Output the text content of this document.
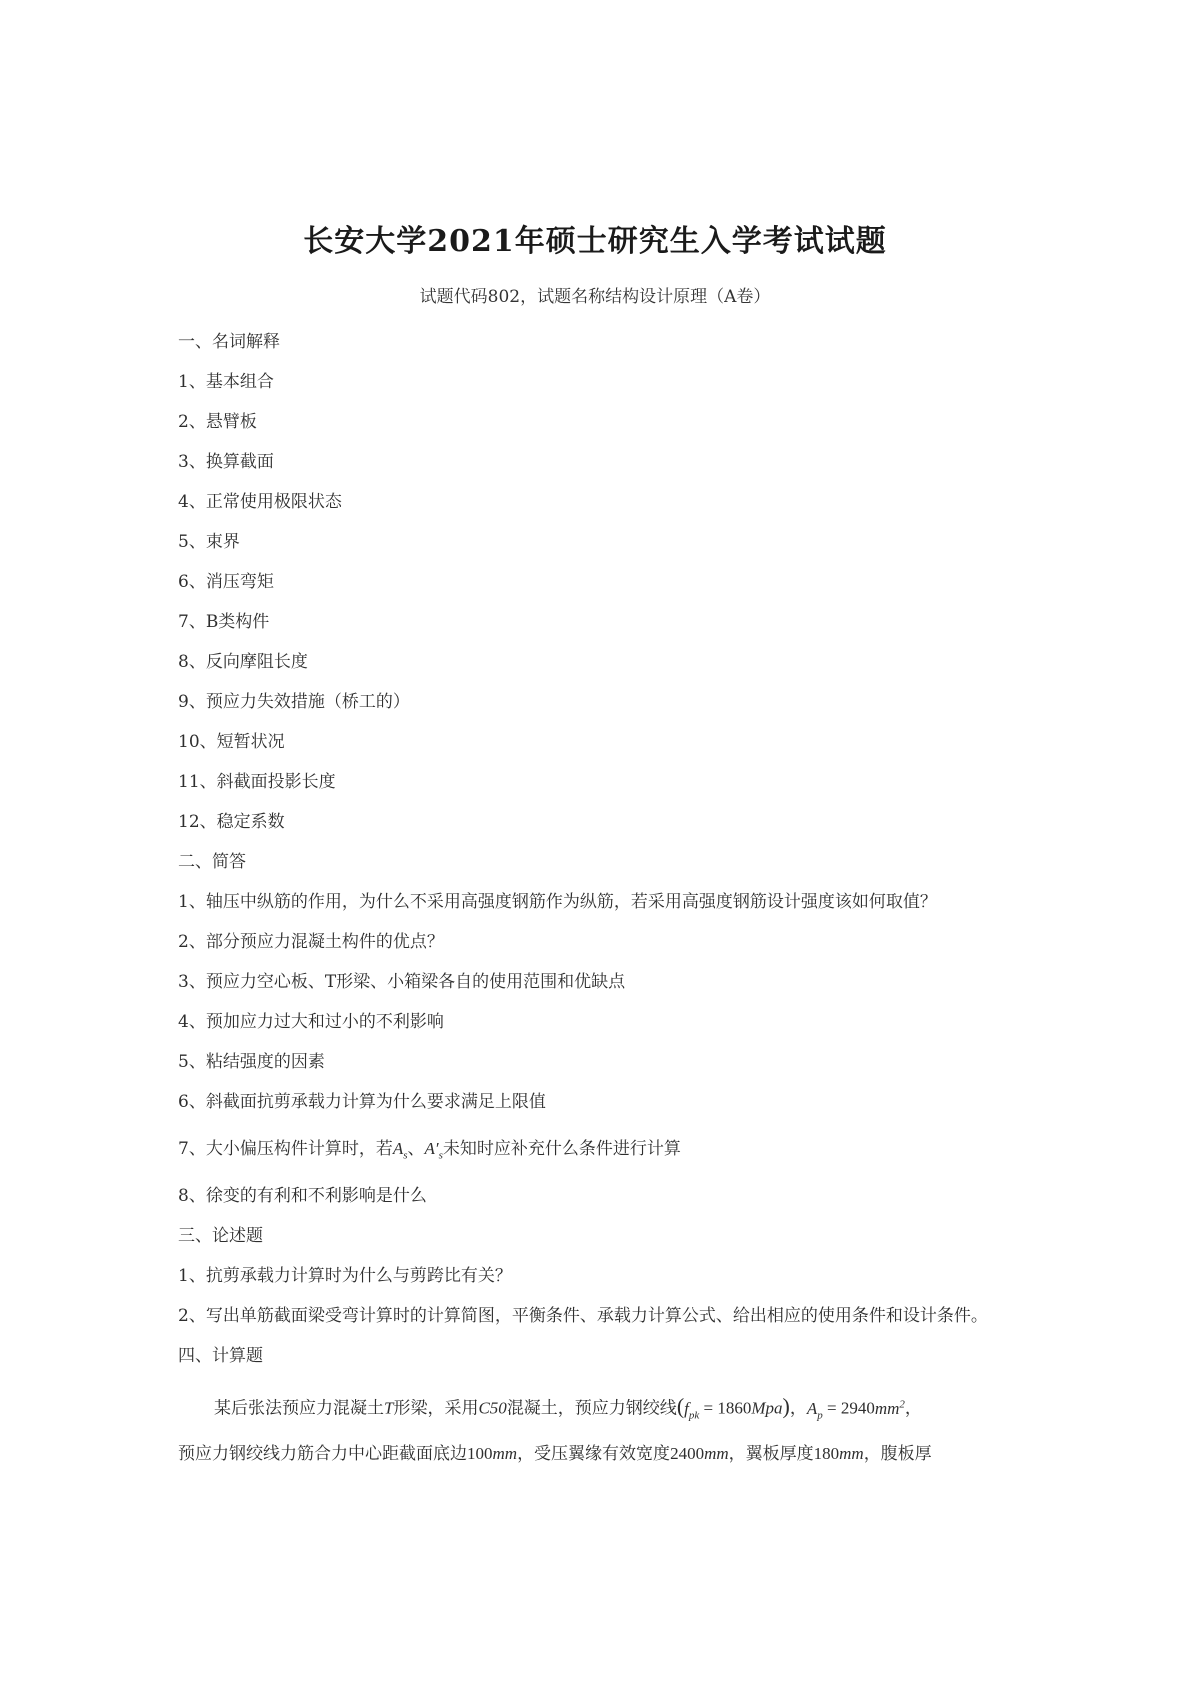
长安大学2021年硕士研究生入学考试试题
试题代码802，试题名称结构设计原理（A卷）
一、名词解释
1、基本组合
2、悬臂板
3、换算截面
4、正常使用极限状态
5、束界
6、消压弯矩
7、B类构件
8、反向摩阻长度
9、预应力失效措施（桥工的）
10、短暂状况
11、斜截面投影长度
12、稳定系数
二、简答
1、轴压中纵筋的作用，为什么不采用高强度钢筋作为纵筋，若采用高强度钢筋设计强度该如何取值？
2、部分预应力混凝土构件的优点？
3、预应力空心板、T形梁、小箱梁各自的使用范围和优缺点
4、预加应力过大和过小的不利影响
5、粘结强度的因素
6、斜截面抗剪承载力计算为什么要求满足上限值
7、大小偏压构件计算时，若$A_s$、$A'_s$未知时应补充什么条件进行计算
8、徐变的有利和不利影响是什么
三、论述题
1、抗剪承载力计算时为什么与剪跨比有关？
2、写出单筋截面梁受弯计算时的计算简图，平衡条件、承载力计算公式、给出相应的使用条件和设计条件。
四、计算题
某后张法预应力混凝土T形梁，采用C50混凝土，预应力钢绞线$(f_{pk} = 1860Mpa)$，$A_p = 2940mm^2$，
预应力钢绞线力筋合力中心距截面底边100mm，受压翼缘有效宽度2400mm，翼板厚度180mm，腹板厚
